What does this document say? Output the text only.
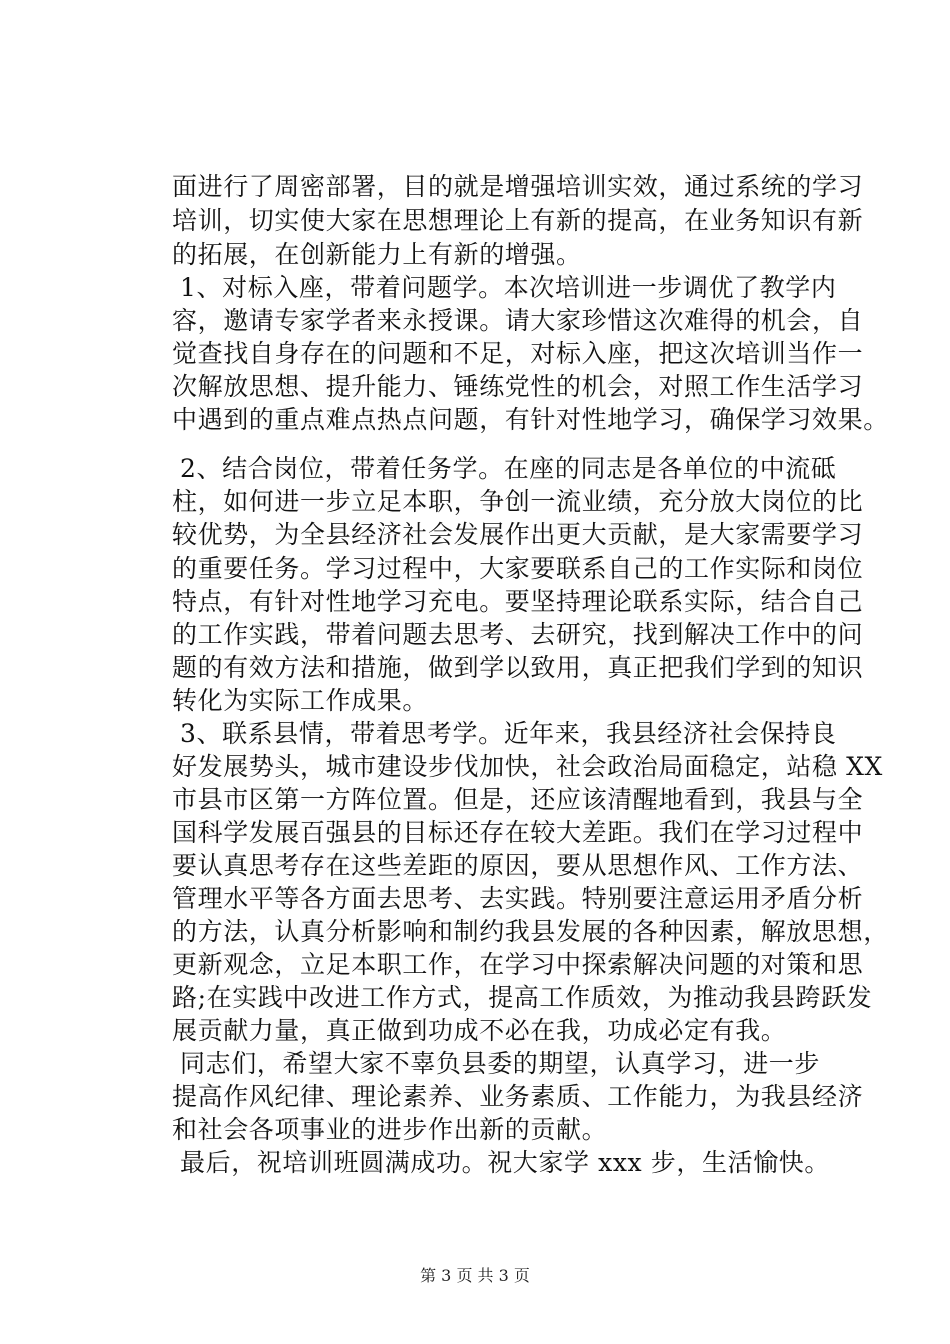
面进行了周密部署，目的就是增强培训实效，通过系统的学习
培训，切实使大家在思想理论上有新的提高，在业务知识有新
的拓展，在创新能力上有新的增强。
1、对标入座，带着问题学。本次培训进一步调优了教学内
容，邀请专家学者来永授课。请大家珍惜这次难得的机会，自
觉查找自身存在的问题和不足，对标入座，把这次培训当作一
次解放思想、提升能力、锤练党性的机会，对照工作生活学习
中遇到的重点难点热点问题，有针对性地学习，确保学习效果。
2、结合岗位，带着任务学。在座的同志是各单位的中流砥
柱，如何进一步立足本职，争创一流业绩，充分放大岗位的比
较优势，为全县经济社会发展作出更大贡献，是大家需要学习
的重要任务。学习过程中，大家要联系自己的工作实际和岗位
特点，有针对性地学习充电。要坚持理论联系实际，结合自己
的工作实践，带着问题去思考、去研究，找到解决工作中的问
题的有效方法和措施，做到学以致用，真正把我们学到的知识
转化为实际工作成果。
3、联系县情，带着思考学。近年来，我县经济社会保持良
好发展势头，城市建设步伐加快，社会政治局面稳定，站稳 XX
市县市区第一方阵位置。但是，还应该清醒地看到，我县与全
国科学发展百强县的目标还存在较大差距。我们在学习过程中
要认真思考存在这些差距的原因，要从思想作风、工作方法、
管理水平等各方面去思考、去实践。特别要注意运用矛盾分析
的方法，认真分析影响和制约我县发展的各种因素，解放思想，
更新观念，立足本职工作，在学习中探索解决问题的对策和思
路;在实践中改进工作方式，提高工作质效，为推动我县跨跃发
展贡献力量，真正做到功成不必在我，功成必定有我。
同志们，希望大家不辜负县委的期望，认真学习，进一步
提高作风纪律、理论素养、业务素质、工作能力，为我县经济
和社会各项事业的进步作出新的贡献。
最后，祝培训班圆满成功。祝大家学 xxx 步，生活愉快。
第 3 页 共 3 页
